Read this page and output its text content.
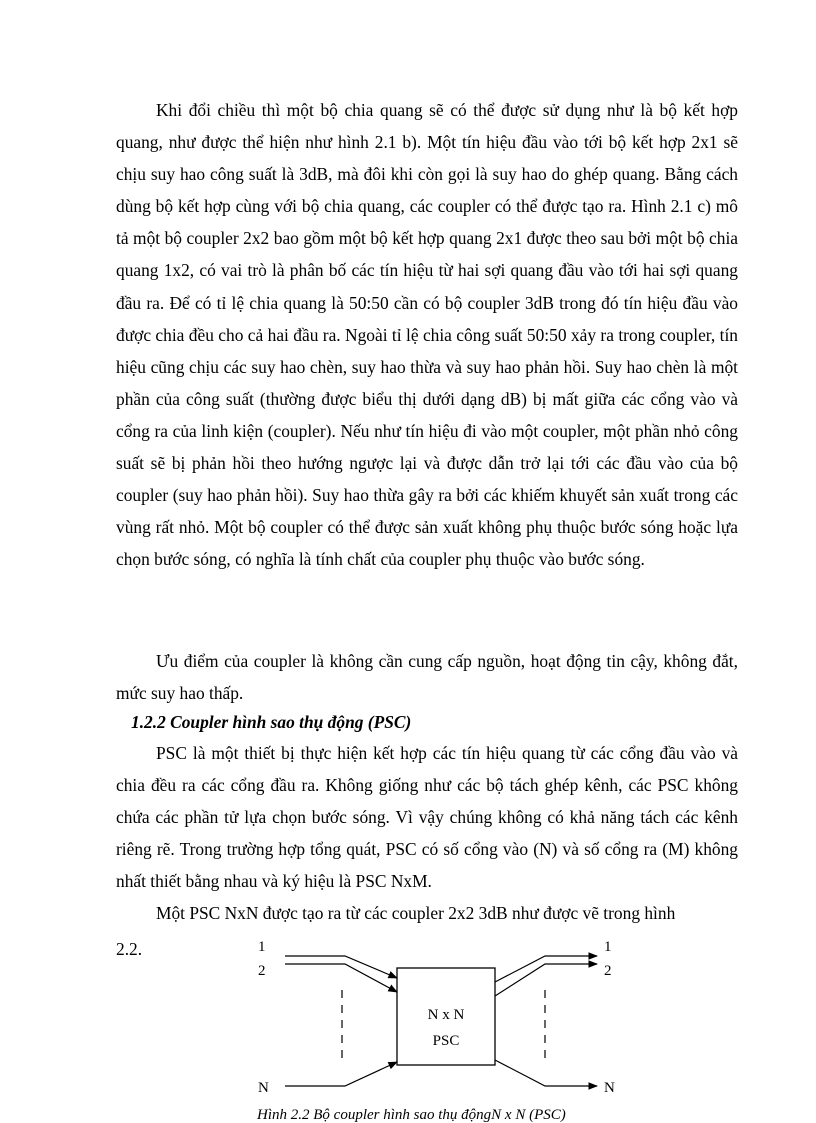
Khi đổi chiều thì một bộ chia quang sẽ có thể được sử dụng như là bộ kết hợp quang, như được thể hiện như hình 2.1 b). Một tín hiệu đầu vào tới bộ kết hợp 2x1 sẽ chịu suy hao công suất là 3dB, mà đôi khi còn gọi là suy hao do ghép quang. Bằng cách dùng bộ kết hợp cùng với bộ chia quang, các coupler có thể được tạo ra. Hình 2.1 c) mô tả một bộ coupler 2x2 bao gồm một bộ kết hợp quang 2x1 được theo sau bởi một bộ chia quang 1x2, có vai trò là phân bố các tín hiệu từ hai sợi quang đầu vào tới hai sợi quang đầu ra. Để có tỉ lệ chia quang là 50:50 cần có bộ coupler 3dB trong đó tín hiệu đầu vào được chia đều cho cả hai đầu ra. Ngoài tỉ lệ chia công suất 50:50 xảy ra trong coupler, tín hiệu cũng chịu các suy hao chèn, suy hao thừa và suy hao phản hồi. Suy hao chèn là một phần của công suất (thường được biểu thị dưới dạng dB) bị mất giữa các cổng vào và cổng ra của linh kiện (coupler). Nếu như tín hiệu đi vào một coupler, một phần nhỏ công suất sẽ bị phản hồi theo hướng ngược lại và được dẫn trở lại tới các đầu vào của bộ coupler (suy hao phản hồi). Suy hao thừa gây ra bởi các khiếm khuyết sản xuất trong các vùng rất nhỏ. Một bộ coupler có thể được sản xuất không phụ thuộc bước sóng hoặc lựa chọn bước sóng, có nghĩa là tính chất của coupler phụ thuộc vào bước sóng.

Ưu điểm của coupler là không cần cung cấp nguồn, hoạt động tin cậy, không đắt, mức suy hao thấp.

1.2.2 Coupler hình sao thụ động (PSC)

PSC là một thiết bị thực hiện kết hợp các tín hiệu quang từ các cổng đầu vào và chia đều ra các cổng đầu ra. Không giống như các bộ tách ghép kênh, các PSC không chứa các phần tử lựa chọn bước sóng. Vì vậy chúng không có khả năng tách các kênh riêng rẽ. Trong trường hợp tổng quát, PSC có số cổng vào (N) và số cổng ra (M) không nhất thiết bằng nhau và ký hiệu là PSC NxM.

Một PSC NxN được tạo ra từ các coupler 2x2 3dB như được vẽ trong hình

2.2.
N x N
PSC
1
2
N
1
2
N
Hình 2.2 Bộ coupler hình sao thụ độngN x N (PSC)
